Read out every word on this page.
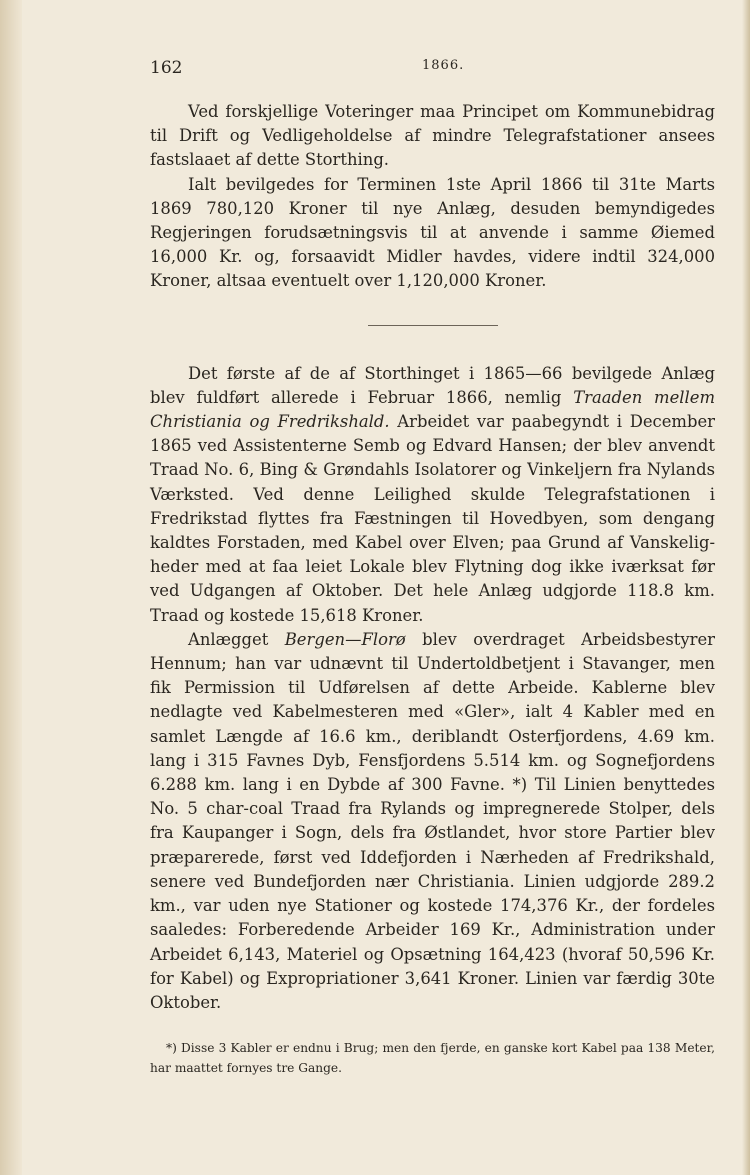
162	1866.

Ved forskjellige Voteringer maa Principet om Kommunebidrag til Drift og Vedligeholdelse af mindre Telegrafstationer ansees fastslaaet af dette Storthing.

Ialt bevilgedes for Terminen 1ste April 1866 til 31te Marts 1869 780,120 Kroner til nye Anlæg, desuden bemyndigedes Regjeringen forudsætningsvis til at anvende i samme Øiemed 16,000 Kr. og, forsaavidt Midler havdes, videre indtil 324,000 Kroner, altsaa eventuelt over 1,120,000 Kroner.

Det første af de af Storthinget i 1865—66 bevilgede Anlæg blev fuldført allerede i Februar 1866, nemlig Traaden mellem Christiania og Fredrikshald. Arbeidet var paabegyndt i December 1865 ved Assistenterne Semb og Edvard Hansen; der blev anvendt Traad No. 6, Bing & Grøndahls Isolatorer og Vinkeljern fra Nylands Værksted. Ved denne Leilighed skulde Telegrafstationen i Fredrikstad flyttes fra Fæstningen til Hovedbyen, som dengang kaldtes Forstaden, med Kabel over Elven; paa Grund af Vanskeligheder med at faa leiet Lokale blev Flytning dog ikke iværksat før ved Udgangen af Oktober. Det hele Anlæg udgjorde 118.8 km. Traad og kostede 15,618 Kroner.

Anlægget Bergen—Florø blev overdraget Arbeidsbestyrer Hennum; han var udnævnt til Undertoldbetjent i Stavanger, men fik Permission til Udførelsen af dette Arbeide. Kablerne blev nedlagte ved Kabelmesteren med «Gler», ialt 4 Kabler med en samlet Længde af 16.6 km., deriblandt Osterfjordens, 4.69 km. lang i 315 Favnes Dyb, Fensfjordens 5.514 km. og Sognefjordens 6.288 km. lang i en Dybde af 300 Favne. *) Til Linien benyttedes No. 5 char-coal Traad fra Rylands og impregnerede Stolper, dels fra Kaupanger i Sogn, dels fra Østlandet, hvor store Partier blev præparerede, først ved Iddefjorden i Nærheden af Fredrikshald, senere ved Bundefjorden nær Christiania. Linien udgjorde 289.2 km., var uden nye Stationer og kostede 174,376 Kr., der fordeles saaledes: Forberedende Arbeider 169 Kr., Administration under Arbeidet 6,143, Materiel og Opsætning 164,423 (hvoraf 50,596 Kr. for Kabel) og Expropriationer 3,641 Kroner. Linien var færdig 30te Oktober.

*) Disse 3 Kabler er endnu i Brug; men den fjerde, en ganske kort Kabel paa 138 Meter, har maattet fornyes tre Gange.
